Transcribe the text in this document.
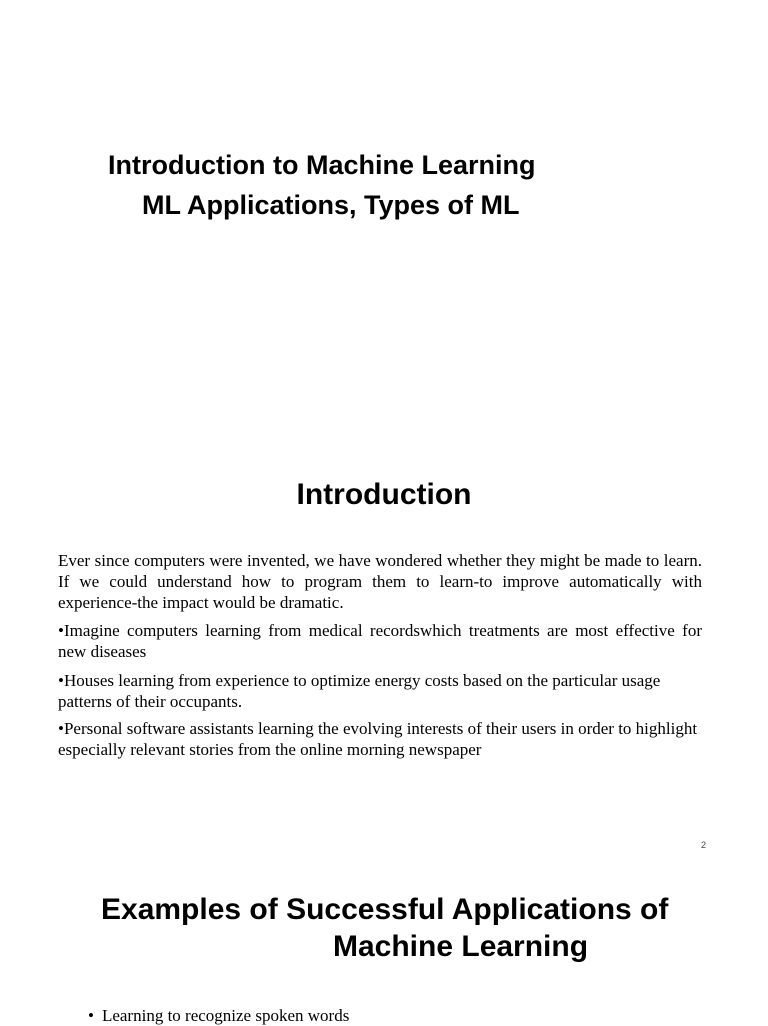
Introduction to Machine Learning
ML Applications, Types of ML
Introduction

Ever since computers were invented, we have wondered whether they might be made to learn. If we could understand how to program them to learn-to improve automatically with experience-the impact would be dramatic.

•Imagine computers learning from medical recordswhich treatments are most effective for new diseases

•Houses learning from experience to optimize energy costs based on the particular usage patterns of their occupants.

•Personal software assistants learning the evolving interests of their users in order to highlight especially relevant stories from the online morning newspaper

2
Examples of Successful Applications of
Machine Learning
• Learning to recognize spoken words
